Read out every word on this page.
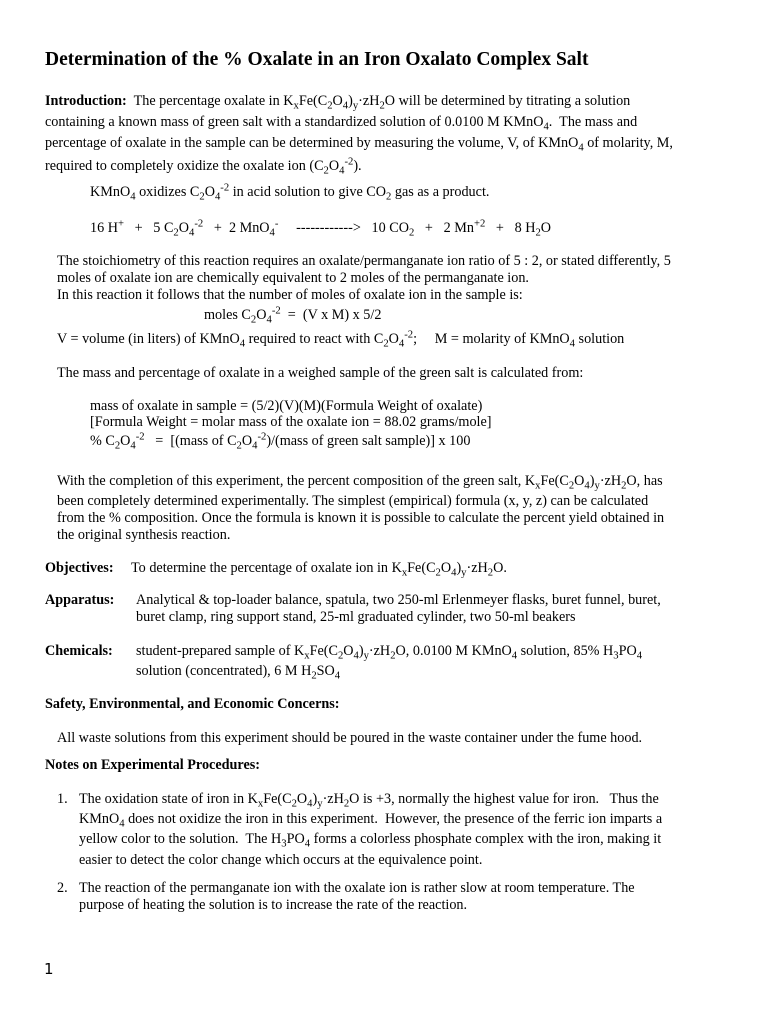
Determination of the % Oxalate in an Iron Oxalato Complex Salt
Introduction:  The percentage oxalate in $K_xFe(C_2O_4)_y\cdot zH_2O$ will be determined by titrating a solution
containing a known mass of green salt with a standardized solution of 0.0100 M KMnO$_4$.  The mass and
percentage of oxalate in the sample can be determined by measuring the volume, V, of KMnO$_4$ of molarity, M,
required to completely oxidize the oxalate ion $(C_2O_4^{-2})$.
KMnO$_4$ oxidizes $C_2O_4^{-2}$ in acid solution to give $CO_2$ gas as a product.
16 H+   +   5 $C_2O_4^{-2} + 2$ MnO$_4$- ------------> 10 $CO_2 + 2$ $Mn^{+2} + 8$ $H_2O$
The stoichiometry of this reaction requires an oxalate/permanganate ion ratio of 5 : 2, or stated differently, 5
moles of oxalate ion are chemically equivalent to 2 moles of the permanganate ion.
In this reaction it follows that the number of moles of oxalate ion in the sample is:
moles $C_2O_4^{-2} = (V$ x M) x 5/2
V = volume (in liters) of KMnO$_4$ required to react with $C_2O_4^{-2}$;     M = molarity of KMnO$_4$ solution
The mass and percentage of oxalate in a weighed sample of the green salt is calculated from:
mass of oxalate in sample = (5/2)(V)(M)(Formula Weight of oxalate)
[Formula Weight = molar mass of the oxalate ion = 88.02 grams/mole]
% $C_2O_4^{-2}$   =  [(mass of $C_2O_4^{-2})/(mass$ of green salt sample)] x 100
With the completion of this experiment, the percent composition of the green salt, $K_xFe(C_2O_4)_y\cdot zH_2O$, has
been completely determined experimentally. The simplest (empirical) formula (x, y, z) can be calculated
from the % composition. Once the formula is known it is possible to calculate the percent yield obtained in
the original synthesis reaction.
Objectives: To determine the percentage of oxalate ion in $K_xFe(C_2O_4)_y\cdot zH_2O$.
Apparatus: Analytical & top-loader balance, spatula, two 250-ml Erlenmeyer flasks, buret funnel, buret,
buret clamp, ring support stand, 25-ml graduated cylinder, two 50-ml beakers
Chemicals: student-prepared sample of $K_xFe(C_2O_4)_y\cdot zH_2O$, 0.0100 M KMnO$_4$ solution, 85% $H_3PO_4$
solution (concentrated), 6 M $H_2SO_4$
Safety, Environmental, and Economic Concerns:
All waste solutions from this experiment should be poured in the waste container under the fume hood.
Notes on Experimental Procedures:
1. The oxidation state of iron in $K_xFe(C_2O_4)_y\cdot zH_2O$ is +3, normally the highest value for iron.   Thus the
KMnO$_4$ does not oxidize the iron in this experiment.  However, the presence of the ferric ion imparts a
yellow color to the solution.  The $H_3PO_4$ forms a colorless phosphate complex with the iron, making it
easier to detect the color change which occurs at the equivalence point.
2. The reaction of the permanganate ion with the oxalate ion is rather slow at room temperature. The
purpose of heating the solution is to increase the rate of the reaction.
1
